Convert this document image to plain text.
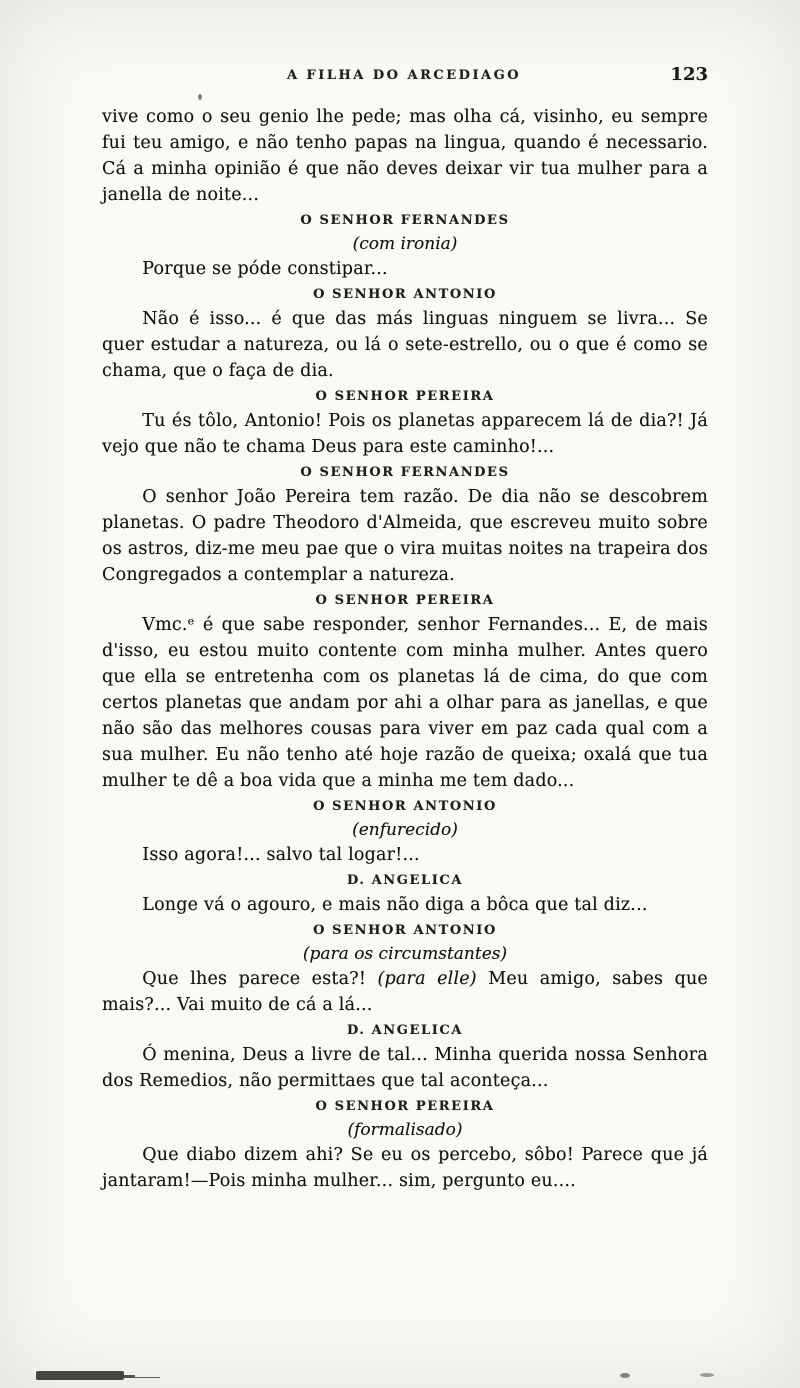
A FILHA DO ARCEDIAGO	123

vive como o seu genio lhe pede; mas olha cá, visinho, eu sempre fui teu amigo, e não tenho papas na lingua, quando é necessario. Cá a minha opinião é que não deves deixar vir tua mulher para a janella de noite...

O SENHOR FERNANDES
(com ironia)

Porque se póde constipar...

O SENHOR ANTONIO

Não é isso... é que das más linguas ninguem se livra... Se quer estudar a natureza, ou lá o sete-estrello, ou o que é como se chama, que o faça de dia.

O SENHOR PEREIRA

Tu és tôlo, Antonio! Pois os planetas apparecem lá de dia?! Já vejo que não te chama Deus para este caminho!...

O SENHOR FERNANDES

O senhor João Pereira tem razão. De dia não se descobrem planetas. O padre Theodoro d'Almeida, que escreveu muito sobre os astros, diz-me meu pae que o vira muitas noites na trapeira dos Congregados a contemplar a natureza.

O SENHOR PEREIRA

Vmc.ᵉ é que sabe responder, senhor Fernandes... E, de mais d'isso, eu estou muito contente com minha mulher. Antes quero que ella se entretenha com os planetas lá de cima, do que com certos planetas que andam por ahi a olhar para as janellas, e que não são das melhores cousas para viver em paz cada qual com a sua mulher. Eu não tenho até hoje razão de queixa; oxalá que tua mulher te dê a boa vida que a minha me tem dado...

O SENHOR ANTONIO
(enfurecido)

Isso agora!... salvo tal logar!...

D. ANGELICA

Longe vá o agouro, e mais não diga a bôca que tal diz...

O SENHOR ANTONIO
(para os circumstantes)

Que lhes parece esta?! (para elle) Meu amigo, sabes que mais?... Vai muito de cá a lá...

D. ANGELICA

Ó menina, Deus a livre de tal... Minha querida nossa Senhora dos Remedios, não permittaes que tal aconteça...

O SENHOR PEREIRA
(formalisado)

Que diabo dizem ahi? Se eu os percebo, sôbo! Parece que já jantaram!—Pois minha mulher... sim, pergunto eu....
